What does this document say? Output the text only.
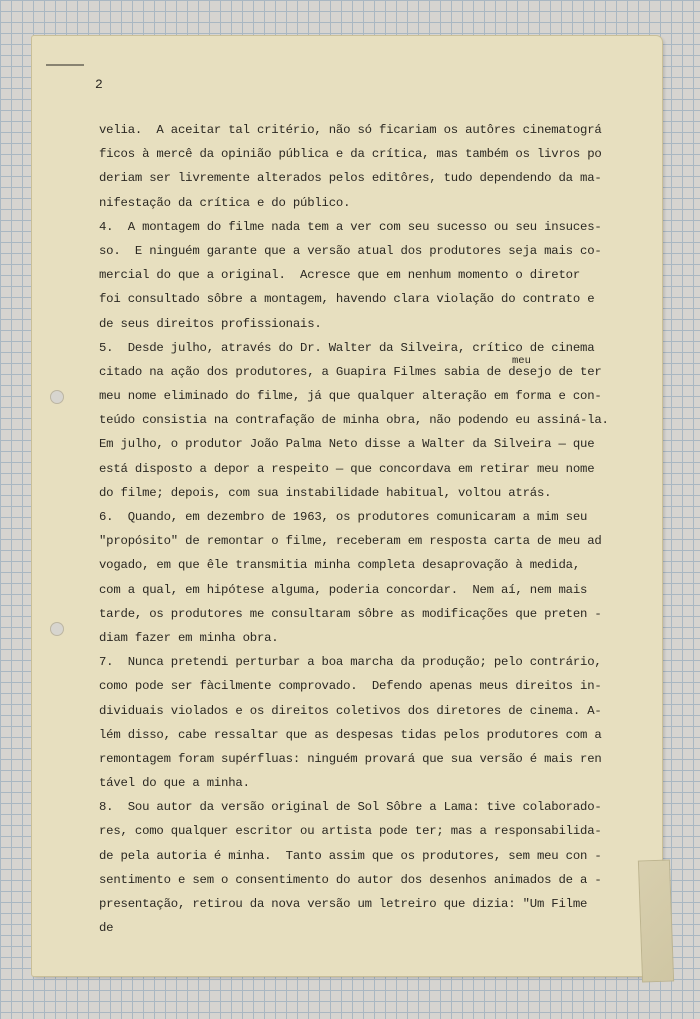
2
velia.  A aceitar tal critério, não só ficariam os autôres cinematográ
ficos à mercê da opinião pública e da crítica, mas também os livros po
deriam ser livremente alterados pelos editôres, tudo dependendo da ma-
nifestação da crítica e do público.
4.  A montagem do filme nada tem a ver com seu sucesso ou seu insuces-
so.  E ninguém garante que a versão atual dos produtores seja mais co-
mercial do que a original.  Acresce que em nenhum momento o diretor
foi consultado sôbre a montagem, havendo clara violação do contrato e
de seus direitos profissionais.
5.  Desde julho, através do Dr. Walter da Silveira, crítico de cinema
citado na ação dos produtores, a Guapira Filmes sabia de desejo de ter
meu nome eliminado do filme, já que qualquer alteração em forma e con-
teúdo consistia na contrafação de minha obra, não podendo eu assiná-la.
Em julho, o produtor João Palma Neto disse a Walter da Silveira — que
está disposto a depor a respeito — que concordava em retirar meu nome
do filme; depois, com sua instabilidade habitual, voltou atrás.
6.  Quando, em dezembro de 1963, os produtores comunicaram a mim seu
"propósito" de remontar o filme, receberam em resposta carta de meu ad
vogado, em que êle transmitia minha completa desaprovação à medida,
com a qual, em hipótese alguma, poderia concordar.  Nem aí, nem mais
tarde, os produtores me consultaram sôbre as modificações que preten -
diam fazer em minha obra.
7.  Nunca pretendi perturbar a boa marcha da produção; pelo contrário,
como pode ser fàcilmente comprovado.  Defendo apenas meus direitos in-
dividuais violados e os direitos coletivos dos diretores de cinema. A-
lém disso, cabe ressaltar que as despesas tidas pelos produtores com a
remontagem foram supérfluas: ninguém provará que sua versão é mais ren
tável do que a minha.
8.  Sou autor da versão original de Sol Sôbre a Lama: tive colaborado-
res, como qualquer escritor ou artista pode ter; mas a responsabilida-
de pela autoria é minha.  Tanto assim que os produtores, sem meu con -
sentimento e sem o consentimento do autor dos desenhos animados de a -
presentação, retirou da nova versão um letreiro que dizia: "Um Filme
de
meu
